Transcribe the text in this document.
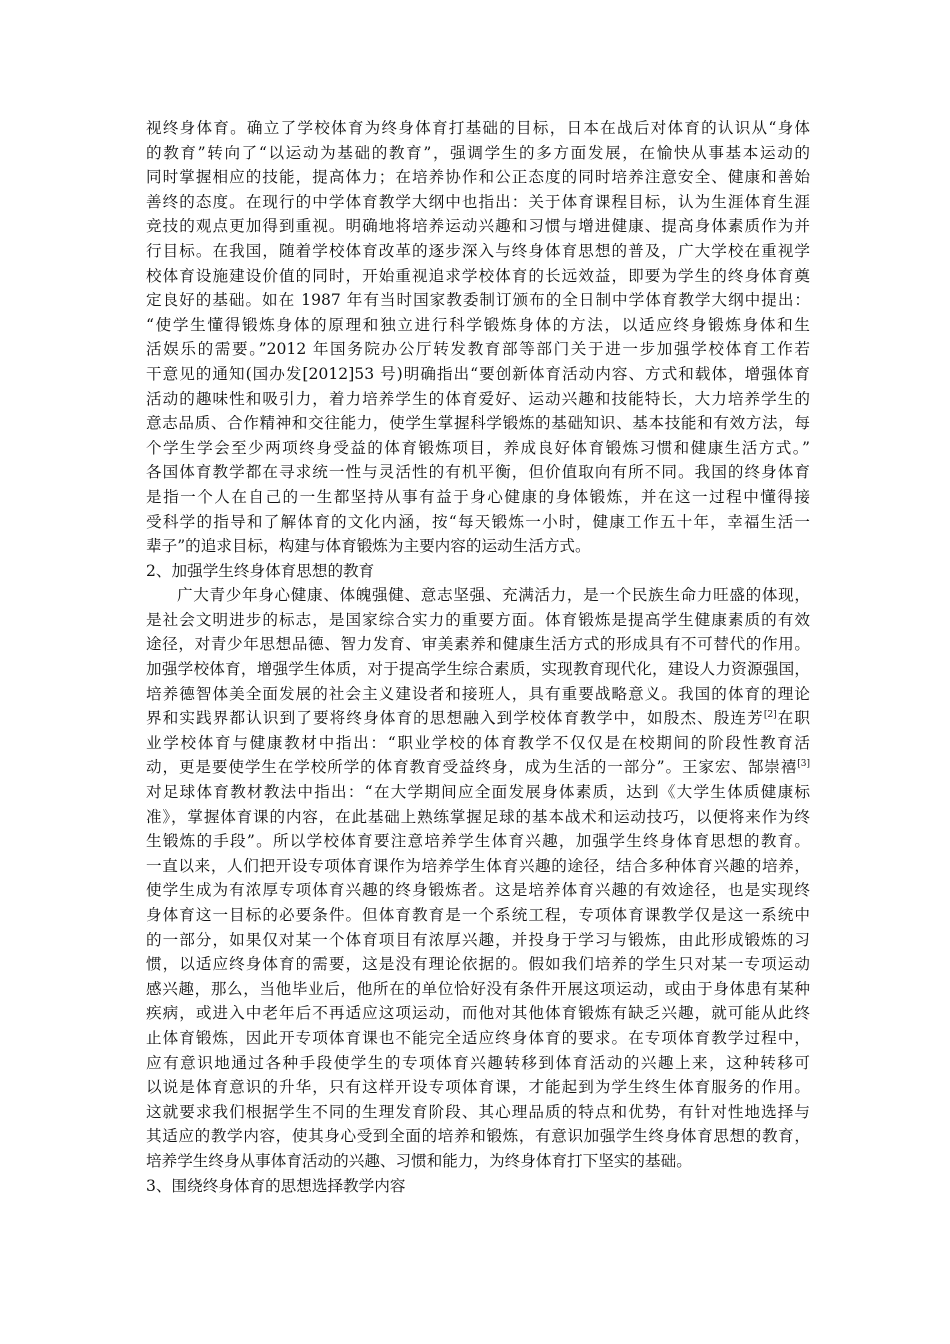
视终身体育。确立了学校体育为终身体育打基础的目标，日本在战后对体育的认识从“身体
的教育”转向了“以运动为基础的教育”，强调学生的多方面发展，在愉快从事基本运动的
同时掌握相应的技能，提高体力；在培养协作和公正态度的同时培养注意安全、健康和善始
善终的态度。在现行的中学体育教学大纲中也指出：关于体育课程目标，认为生涯体育生涯
竞技的观点更加得到重视。明确地将培养运动兴趣和习惯与增进健康、提高身体素质作为并
行目标。在我国，随着学校体育改革的逐步深入与终身体育思想的普及，广大学校在重视学
校体育设施建设价值的同时，开始重视追求学校体育的长远效益，即要为学生的终身体育奠
定良好的基础。如在 1987 年有当时国家教委制订颁布的全日制中学体育教学大纲中提出：
“使学生懂得锻炼身体的原理和独立进行科学锻炼身体的方法，以适应终身锻炼身体和生
活娱乐的需要。”2012 年国务院办公厅转发教育部等部门关于进一步加强学校体育工作若
干意见的通知(国办发[2012]53 号)明确指出“要创新体育活动内容、方式和载体，增强体育
活动的趣味性和吸引力，着力培养学生的体育爱好、运动兴趣和技能特长，大力培养学生的
意志品质、合作精神和交往能力，使学生掌握科学锻炼的基础知识、基本技能和有效方法，每
个学生学会至少两项终身受益的体育锻炼项目，养成良好体育锻炼习惯和健康生活方式。”
各国体育教学都在寻求统一性与灵活性的有机平衡，但价值取向有所不同。我国的终身体育
是指一个人在自己的一生都坚持从事有益于身心健康的身体锻炼，并在这一过程中懂得接
受科学的指导和了解体育的文化内涵，按“每天锻炼一小时，健康工作五十年，幸福生活一
辈子”的追求目标，构建与体育锻炼为主要内容的运动生活方式。
2、加强学生终身体育思想的教育
广大青少年身心健康、体魄强健、意志坚强、充满活力，是一个民族生命力旺盛的体现，
是社会文明进步的标志，是国家综合实力的重要方面。体育锻炼是提高学生健康素质的有效
途径，对青少年思想品德、智力发育、审美素养和健康生活方式的形成具有不可替代的作用。
加强学校体育，增强学生体质，对于提高学生综合素质，实现教育现代化，建设人力资源强国，
培养德智体美全面发展的社会主义建设者和接班人，具有重要战略意义。我国的体育的理论
界和实践界都认识到了要将终身体育的思想融入到学校体育教学中，如殷杰、殷连芳[2]在职
业学校体育与健康教材中指出：“职业学校的体育教学不仅仅是在校期间的阶段性教育活
动，更是要使学生在学校所学的体育教育受益终身，成为生活的一部分”。王家宏、郜崇禧[3]
对足球体育教材教法中指出：“在大学期间应全面发展身体素质，达到《大学生体质健康标
准》，掌握体育课的内容，在此基础上熟练掌握足球的基本战术和运动技巧，以便将来作为终
生锻炼的手段”。所以学校体育要注意培养学生体育兴趣，加强学生终身体育思想的教育。
一直以来，人们把开设专项体育课作为培养学生体育兴趣的途径，结合多种体育兴趣的培养，
使学生成为有浓厚专项体育兴趣的终身锻炼者。这是培养体育兴趣的有效途径，也是实现终
身体育这一目标的必要条件。但体育教育是一个系统工程，专项体育课教学仅是这一系统中
的一部分，如果仅对某一个体育项目有浓厚兴趣，并投身于学习与锻炼，由此形成锻炼的习
惯，以适应终身体育的需要，这是没有理论依据的。假如我们培养的学生只对某一专项运动
感兴趣，那么，当他毕业后，他所在的单位恰好没有条件开展这项运动，或由于身体患有某种
疾病，或进入中老年后不再适应这项运动，而他对其他体育锻炼有缺乏兴趣，就可能从此终
止体育锻炼，因此开专项体育课也不能完全适应终身体育的要求。在专项体育教学过程中，
应有意识地通过各种手段使学生的专项体育兴趣转移到体育活动的兴趣上来，这种转移可
以说是体育意识的升华，只有这样开设专项体育课，才能起到为学生终生体育服务的作用。
这就要求我们根据学生不同的生理发育阶段、其心理品质的特点和优势，有针对性地选择与
其适应的教学内容，使其身心受到全面的培养和锻炼，有意识加强学生终身体育思想的教育，
培养学生终身从事体育活动的兴趣、习惯和能力，为终身体育打下坚实的基础。
3、围绕终身体育的思想选择教学内容
